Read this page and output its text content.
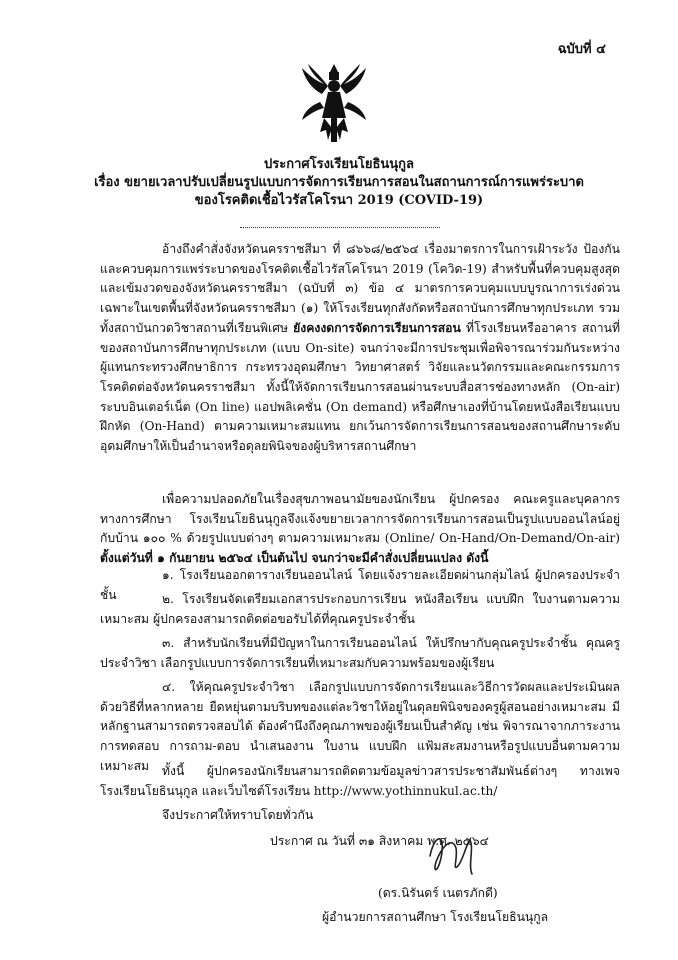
ฉบับที่ ๔
ประกาศโรงเรียนโยธินนุกูล
เรื่อง ขยายเวลาปรับเปลี่ยนรูปแบบการจัดการเรียนการสอนในสถานการณ์การแพร่ระบาด
ของโรคติดเชื้อไวรัสโคโรนา 2019 (COVID-19)
อ้างถึงคำสั่งจังหวัดนครราชสีมา ที่ ๘๖๖๘/๒๕๖๔ เรื่องมาตรการในการเฝ้าระวัง ป้องกัน และควบคุมการแพร่ระบาดของโรคติดเชื้อไวรัสโคโรนา 2019 (โควิด-19) สำหรับพื้นที่ควบคุมสูงสุดและเข้มงวดของจังหวัดนครราชสีมา (ฉบับที่ ๓) ข้อ ๔ มาตรการควบคุมแบบบูรณาการเร่งด่วนเฉพาะในเขตพื้นที่จังหวัดนครราชสีมา (๑) ให้โรงเรียนทุกสังกัดหรือสถาบันการศึกษาทุกประเภท รวมทั้งสถาบันกวดวิชาสถานที่เรียนพิเศษ ยังคงงดการจัดการเรียนการสอน ที่โรงเรียนหรืออาคาร สถานที่ของสถาบันการศึกษาทุกประเภท (แบบ On-site) จนกว่าจะมีการประชุมเพื่อพิจารณาร่วมกันระหว่างผู้แทนกระทรวงศึกษาธิการ กระทรวงอุดมศึกษา วิทยาศาสตร์ วิจัยและนวัตกรรมและคณะกรรมการโรคติดต่อจังหวัดนครราชสีมา ทั้งนี้ให้จัดการเรียนการสอนผ่านระบบสื่อสารช่องทางหลัก (On-air) ระบบอินเตอร์เน็ต (On line) แอปพลิเคชั่น (On demand) หรือศึกษาเองที่บ้านโดยหนังสือเรียนแบบฝึกหัด (On-Hand) ตามความเหมาะสมแทน ยกเว้นการจัดการเรียนการสอนของสถานศึกษาระดับอุดมศึกษาให้เป็นอำนาจหรือดุลยพินิจของผู้บริหารสถานศึกษา
เพื่อความปลอดภัยในเรื่องสุขภาพอนามัยของนักเรียน ผู้ปกครอง คณะครูและบุคลากรทางการศึกษา โรงเรียนโยธินนุกูลจึงแจ้งขยายเวลาการจัดการเรียนการสอนเป็นรูปแบบออนไลน์อยู่กับบ้าน ๑๐๐ % ด้วยรูปแบบต่างๆ ตามความเหมาะสม (Online/ On-Hand/On-Demand/On-air) ตั้งแต่วันที่ ๑ กันยายน ๒๕๖๔ เป็นต้นไป จนกว่าจะมีคำสั่งเปลี่ยนแปลง ดังนี้
๑. โรงเรียนออกตารางเรียนออนไลน์ โดยแจ้งรายละเอียดผ่านกลุ่มไลน์ ผู้ปกครองประจำชั้น	๒. โรงเรียนจัดเตรียมเอกสารประกอบการเรียน หนังสือเรียน แบบฝึก ใบงานตามความเหมาะสม ผู้ปกครองสามารถติดต่อขอรับได้ที่คุณครูประจำชั้น
๓. สำหรับนักเรียนที่มีปัญหาในการเรียนออนไลน์ ให้ปรึกษากับคุณครูประจำชั้น คุณครูประจำวิชา เลือกรูปแบบการจัดการเรียนที่เหมาะสมกับความพร้อมของผู้เรียน
๔. ให้คุณครูประจำวิชา เลือกรูปแบบการจัดการเรียนและวิธีการวัดผลและประเมินผลด้วยวิธีที่หลากหลาย ยืดหยุ่นตามบริบทของแต่ละวิชาให้อยู่ในดุลยพินิจของครูผู้สอนอย่างเหมาะสม มีหลักฐานสามารถตรวจสอบได้ ต้องคำนึงถึงคุณภาพของผู้เรียนเป็นสำคัญ เช่น พิจารณาจากภาระงาน การทดสอบ การถาม-ตอบ นำเสนองาน ใบงาน แบบฝึก แฟ้มสะสมงานหรือรูปแบบอื่นตามความเหมาะสม	ทั้งนี้ ผู้ปกครองนักเรียนสามารถติดตามข้อมูลข่าวสารประชาสัมพันธ์ต่างๆ ทางเพจโรงเรียนโยธินนุกูล และเว็บไซต์โรงเรียน http://www.yothinnukul.ac.th/
จึงประกาศให้ทราบโดยทั่วกัน
ประกาศ ณ วันที่ ๓๑ สิงหาคม พ.ศ. ๒๕๖๔
(ดร.นิรันดร์ เนตรภักดี)
ผู้อำนวยการสถานศึกษา โรงเรียนโยธินนุกูล
